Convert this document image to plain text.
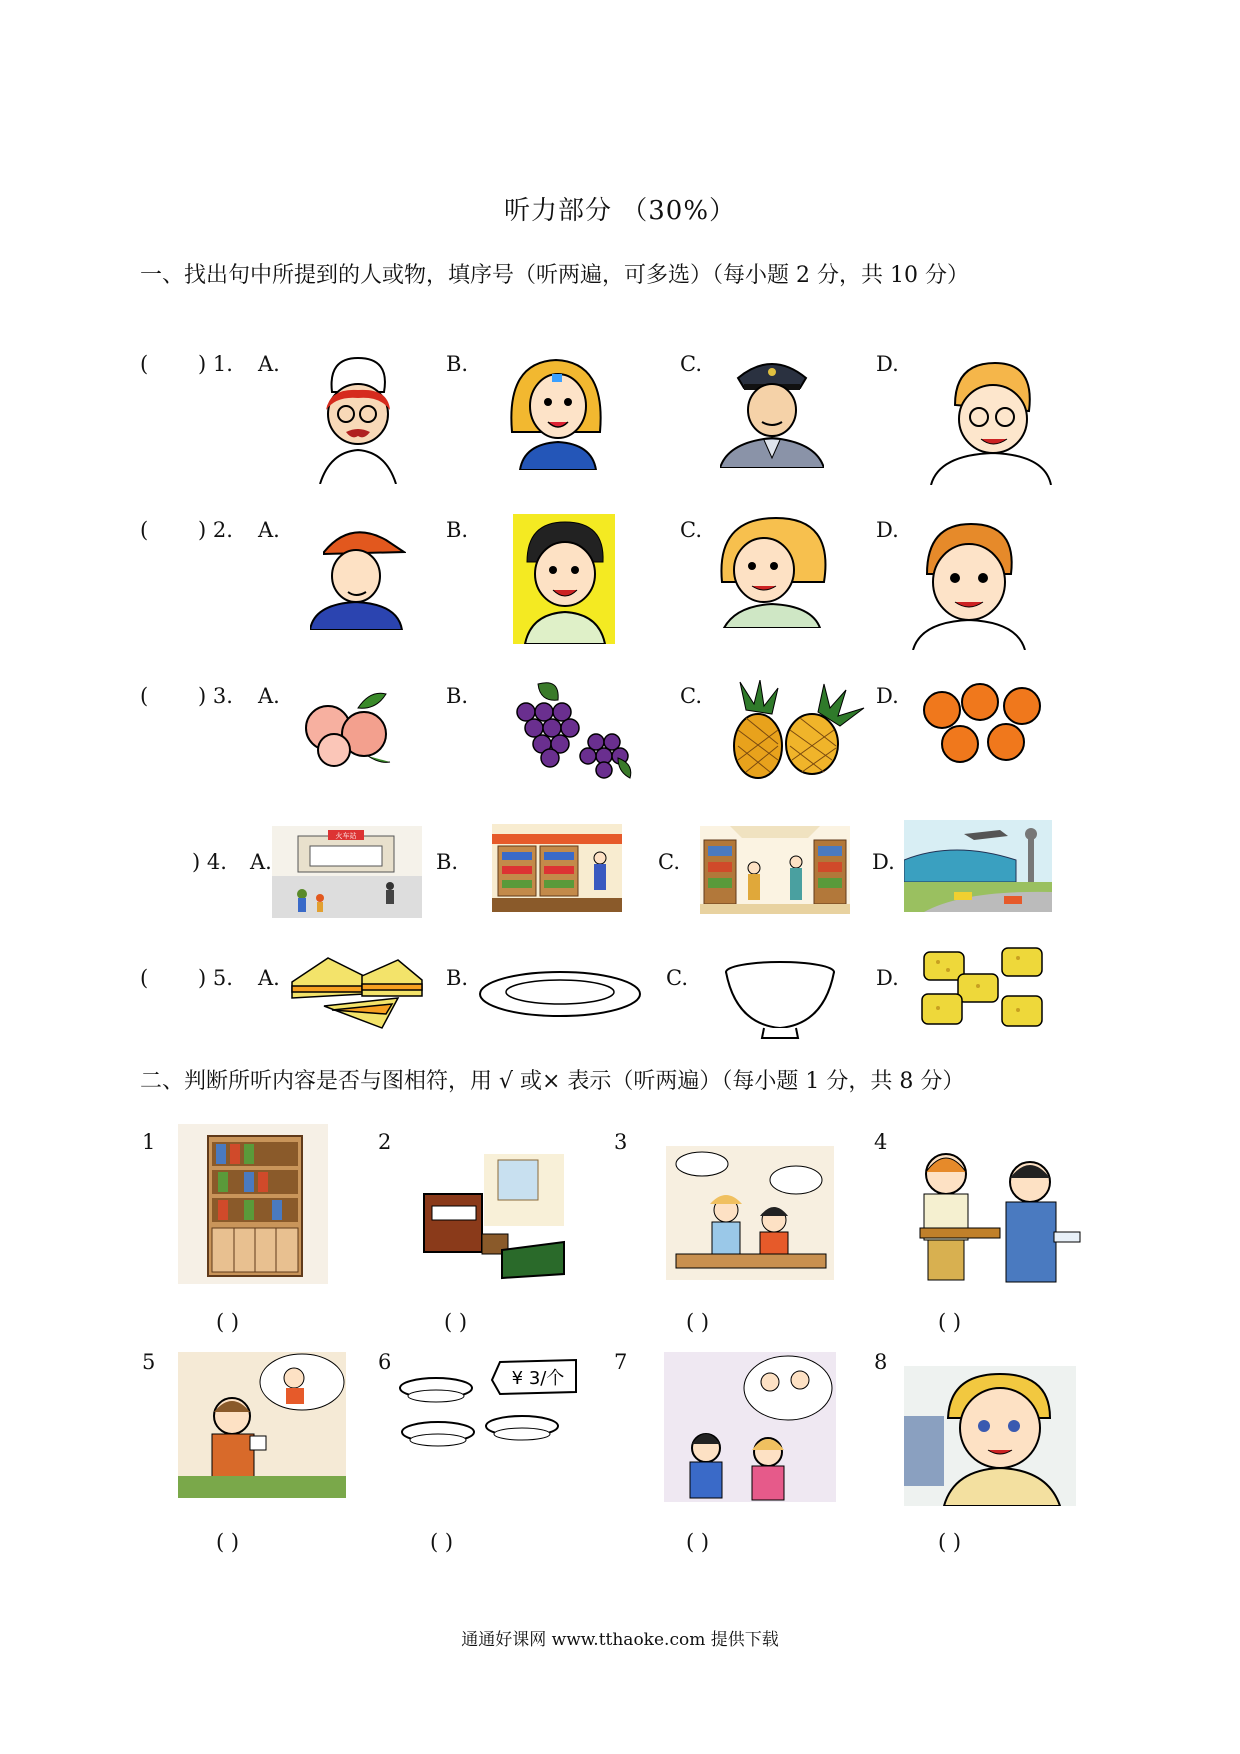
听力部分 （30%）
一、找出句中所提到的人或物，填序号（听两遍，可多选）（每小题 2 分，共 10 分）
( ) 1. A.	B.	C.	D.
( ) 2. A.	B.	C.	D.
( ) 3. A.	B.	C.	D.
) 4. A.	B.	C.	D.
火车站
( ) 5. A.	B.	C.	D.
二、判断所听内容是否与图相符，用 √ 或× 表示（听两遍）（每小题 1 分，共 8 分）
1	2	3	4
5	6	7	8
¥ 3/个
( )	( )	( )	( )
( )	( )	( )	( )
通通好课网 www.tthaoke.com 提供下载
